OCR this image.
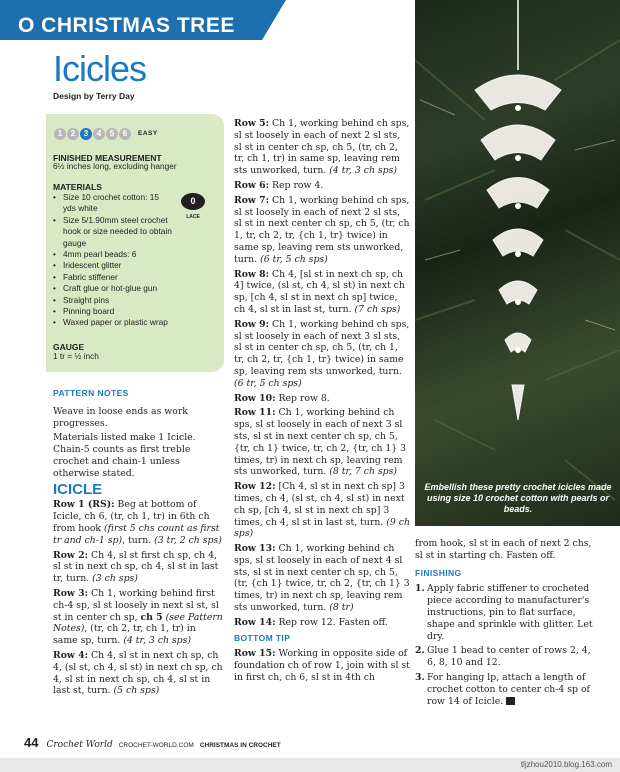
O CHRISTMAS TREE
Icicles
Design by Terry Day
1	2	3	4	5	6	EASY
FINISHED MEASUREMENT
6½ inches long, excluding hanger
MATERIALS
• Size 10 crochet cotton: 15 yds white
• Size 5/1.90mm steel crochet hook or size needed to obtain gauge
• 4mm pearl beads: 6
• Iridescent glitter
• Fabric stiffener
• Craft glue or hot-glue gun
• Straight pins
• Pinning board
• Waxed paper or plastic wrap
0
LACE
GAUGE
1 tr = ½ inch
PATTERN NOTES

Weave in loose ends as work progresses.

Materials listed make 1 Icicle. Chain-5 counts as first treble crochet and chain-1 unless otherwise stated.

ICICLE

Row 1 (RS): Beg at bottom of Icicle, ch 6, (tr, ch 1, tr) in 6th ch from hook (first 5 chs count as first tr and ch-1 sp), turn. (3 tr, 2 ch sps)

Row 2: Ch 4, sl st first ch sp, ch 4, sl st in next ch sp, ch 4, sl st in last tr, turn. (3 ch sps)

Row 3: Ch 1, working behind first ch-4 sp, sl st loosely in next sl st, sl st in center ch sp, ch 5 (see Pattern Notes), (tr, ch 2, tr, ch 1, tr) in same sp, turn. (4 tr, 3 ch sps)

Row 4: Ch 4, sl st in next ch sp, ch 4, (sl st, ch 4, sl st) in next ch sp, ch 4, sl st in next ch sp, ch 4, sl st in last st, turn. (5 ch sps)

Row 5: Ch 1, working behind ch sps, sl st loosely in each of next 2 sl sts, sl st in center ch sp, ch 5, (tr, ch 2, tr, ch 1, tr) in same sp, leaving rem sts unworked, turn. (4 tr, 3 ch sps)

Row 6: Rep row 4.

Row 7: Ch 1, working behind ch sps, sl st loosely in each of next 2 sl sts, sl st in next center ch sp, ch 5, (tr, ch 1, tr, ch 2, tr, {ch 1, tr} twice) in same sp, leaving rem sts unworked, turn. (6 tr, 5 ch sps)

Row 8: Ch 4, [sl st in next ch sp, ch 4] twice, (sl st, ch 4, sl st) in next ch sp, [ch 4, sl st in next ch sp] twice, ch 4, sl st in last st, turn. (7 ch sps)

Row 9: Ch 1, working behind ch sps, sl st loosely in each of next 3 sl sts, sl st in center ch sp, ch 5, (tr, ch 1, tr, ch 2, tr, {ch 1, tr} twice) in same sp, leaving rem sts unworked, turn. (6 tr, 5 ch sps)

Row 10: Rep row 8.

Row 11: Ch 1, working behind ch sps, sl st loosely in each of next 3 sl sts, sl st in next center ch sp, ch 5, {tr, ch 1} twice, tr, ch 2, {tr, ch 1} 3 times, tr) in next ch sp, leaving rem sts unworked, turn. (8 tr, 7 ch sps)

Row 12: [Ch 4, sl st in next ch sp] 3 times, ch 4, (sl st, ch 4, sl st) in next ch sp, [ch 4, sl st in next ch sp] 3 times, ch 4, sl st in last st, turn. (9 ch sps)

Row 13: Ch 1, working behind ch sps, sl st loosely in each of next 4 sl sts, sl st in next center ch sp, ch 5, (tr, {ch 1} twice, tr, ch 2, {tr, ch 1} 3 times, tr) in next ch sp, leaving rem sts unworked, turn. (8 tr)

Row 14: Rep row 12. Fasten off.

BOTTOM TIP

Row 15: Working in opposite side of foundation ch of row 1, join with sl st in first ch, ch 6, sl st in 4th ch

Embellish these pretty crochet icicles made using size 10 crochet cotton with pearls or beads.

from hook, sl st in each of next 2 chs, sl st in starting ch. Fasten off.

FINISHING
1. Apply fabric stiffener to crocheted piece according to manufacturer's instructions, pin to flat surface, shape and sprinkle with glitter. Let dry.
2. Glue 1 bead to center of rows 2, 4, 6, 8, 10 and 12.
3. For hanging lp, attach a length of crochet cotton to center ch-4 sp of row 14 of Icicle.
44 Crochet World CROCHET-WORLD.COM CHRISTMAS IN CROCHET
tljzhou2010.blog.163.com
